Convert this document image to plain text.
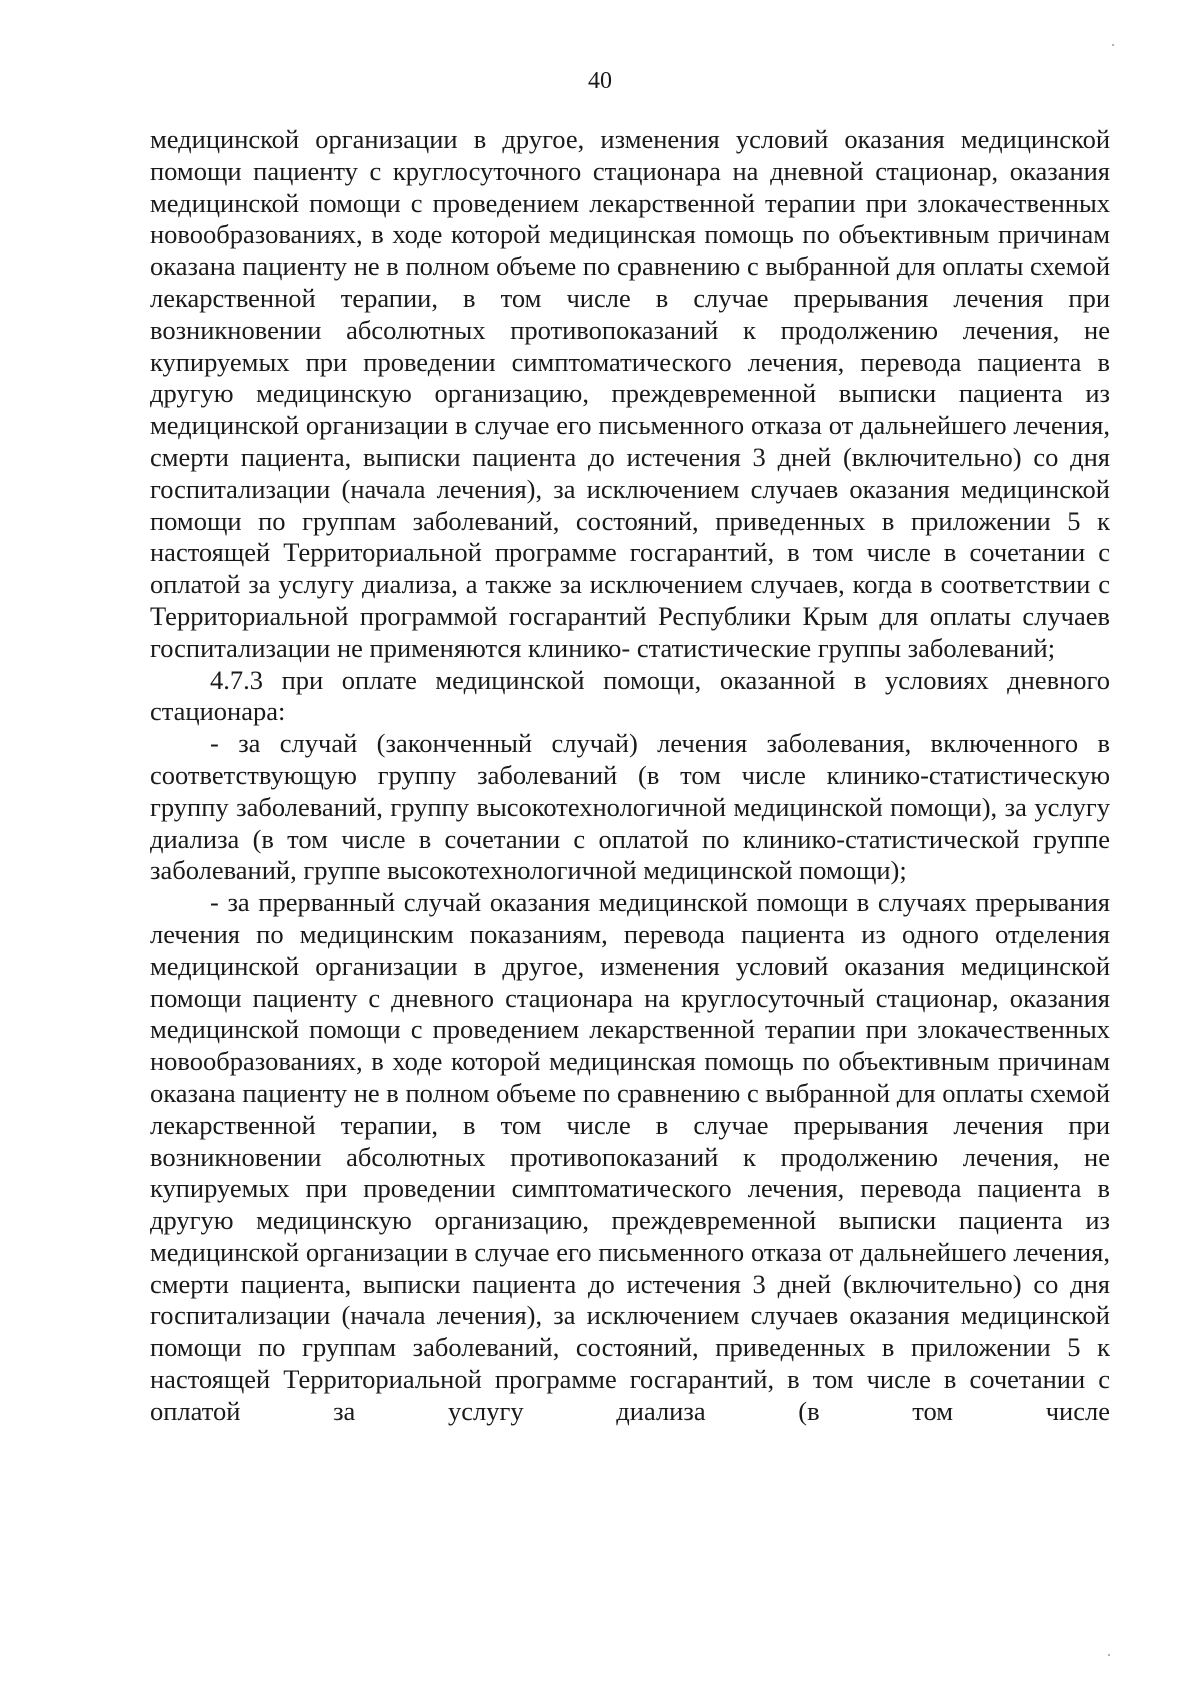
40

медицинской организации в другое, изменения условий оказания медицинской помощи пациенту с круглосуточного стационара на дневной стационар, оказания медицинской помощи с проведением лекарственной терапии при злокачественных новообразованиях, в ходе которой медицинская помощь по объективным причинам оказана пациенту не в полном объеме по сравнению с выбранной для оплаты схемой лекарственной терапии, в том числе в случае прерывания лечения при возникновении абсолютных противопоказаний к продолжению лечения, не купируемых при проведении симптоматического лечения, перевода пациента в другую медицинскую организацию, преждевременной выписки пациента из медицинской организации в случае его письменного отказа от дальнейшего лечения, смерти пациента, выписки пациента до истечения 3 дней (включительно) со дня госпитализации (начала лечения), за исключением случаев оказания медицинской помощи по группам заболеваний, состояний, приведенных в приложении 5 к настоящей Территориальной программе госгарантий, в том числе в сочетании с оплатой за услугу диализа, а также за исключением случаев, когда в соответствии с Территориальной программой госгарантий Республики Крым для оплаты случаев госпитализации не применяются клинико- статистические группы заболеваний;

4.7.3 при оплате медицинской помощи, оказанной в условиях дневного стационара:

- за случай (законченный случай) лечения заболевания, включенного в соответствующую группу заболеваний (в том числе клинико-статистическую группу заболеваний, группу высокотехнологичной медицинской помощи), за услугу диализа (в том числе в сочетании с оплатой по клинико-статистической группе заболеваний, группе высокотехнологичной медицинской помощи);

- за прерванный случай оказания медицинской помощи в случаях прерывания лечения по медицинским показаниям, перевода пациента из одного отделения медицинской организации в другое, изменения условий оказания медицинской помощи пациенту с дневного стационара на круглосуточный стационар, оказания медицинской помощи с проведением лекарственной терапии при злокачественных новообразованиях, в ходе которой медицинская помощь по объективным причинам оказана пациенту не в полном объеме по сравнению с выбранной для оплаты схемой лекарственной терапии, в том числе в случае прерывания лечения при возникновении абсолютных противопоказаний к продолжению лечения, не купируемых при проведении симптоматического лечения, перевода пациента в другую медицинскую организацию, преждевременной выписки пациента из медицинской организации в случае его письменного отказа от дальнейшего лечения, смерти пациента, выписки пациента до истечения 3 дней (включительно) со дня госпитализации (начала лечения), за исключением случаев оказания медицинской помощи по группам заболеваний, состояний, приведенных в приложении 5 к настоящей Территориальной программе госгарантий, в том числе в сочетании с оплатой за услугу диализа (в том числе
